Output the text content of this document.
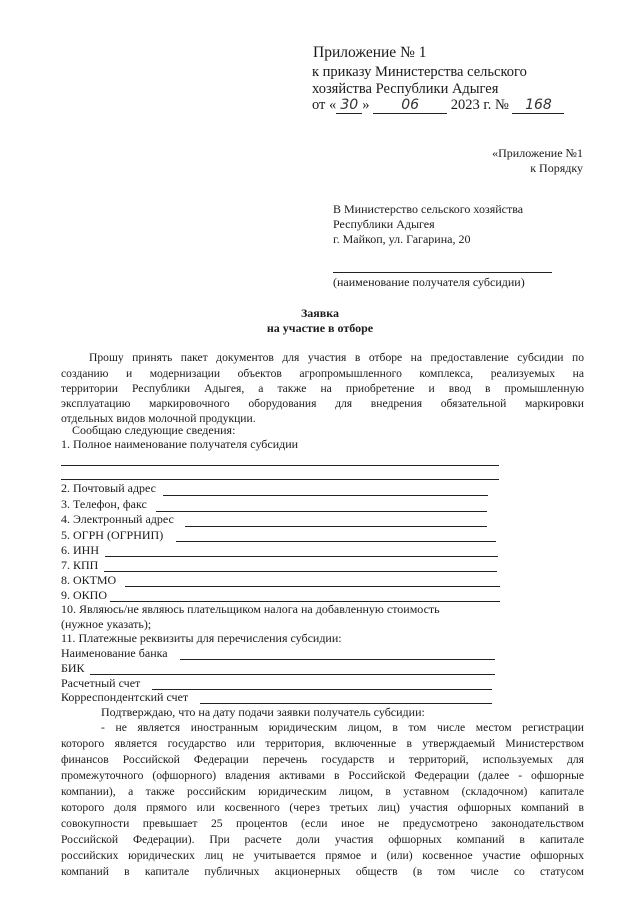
Приложение № 1
к приказу Министерства сельского
хозяйства Республики Адыгея
от « 30 » 06 2023 г. № 168
«Приложение №1
к Порядку
В Министерство сельского хозяйства
Республики Адыгея
г. Майкоп, ул. Гагарина, 20
(наименование получателя субсидии)
Заявка
на участие в отборе
Прошу принять пакет документов для участия в отборе на предоставление субсидии по
созданию и модернизации объектов агропромышленного комплекса, реализуемых на
территории Республики Адыгея, а также на приобретение и ввод в промышленную
эксплуатацию маркировочного оборудования для внедрения обязательной маркировки
отдельных видов молочной продукции.
Сообщаю следующие сведения:
1. Полное наименование получателя субсидии
2. Почтовый адрес
3. Телефон, факс
4. Электронный адрес
5. ОГРН (ОГРНИП)
6. ИНН
7. КПП
8. ОКТМО
9. ОКПО
10. Являюсь/не являюсь плательщиком налога на добавленную стоимость
(нужное указать);
11. Платежные реквизиты для перечисления субсидии:
Наименование банка
БИК
Расчетный счет
Корреспондентский счет
Подтверждаю, что на дату подачи заявки получатель субсидии:
- не является иностранным юридическим лицом, в том числе местом регистрации
которого является государство или территория, включенные в утверждаемый Министерством
финансов Российской Федерации перечень государств и территорий, используемых для
промежуточного (офшорного) владения активами в Российской Федерации (далее - офшорные
компании), а также российским юридическим лицом, в уставном (складочном) капитале
которого доля прямого или косвенного (через третьих лиц) участия офшорных компаний в
совокупности превышает 25 процентов (если иное не предусмотрено законодательством
Российской Федерации). При расчете доли участия офшорных компаний в капитале
российских юридических лиц не учитывается прямое и (или) косвенное участие офшорных
компаний в капитале публичных акционерных обществ (в том числе со статусом
